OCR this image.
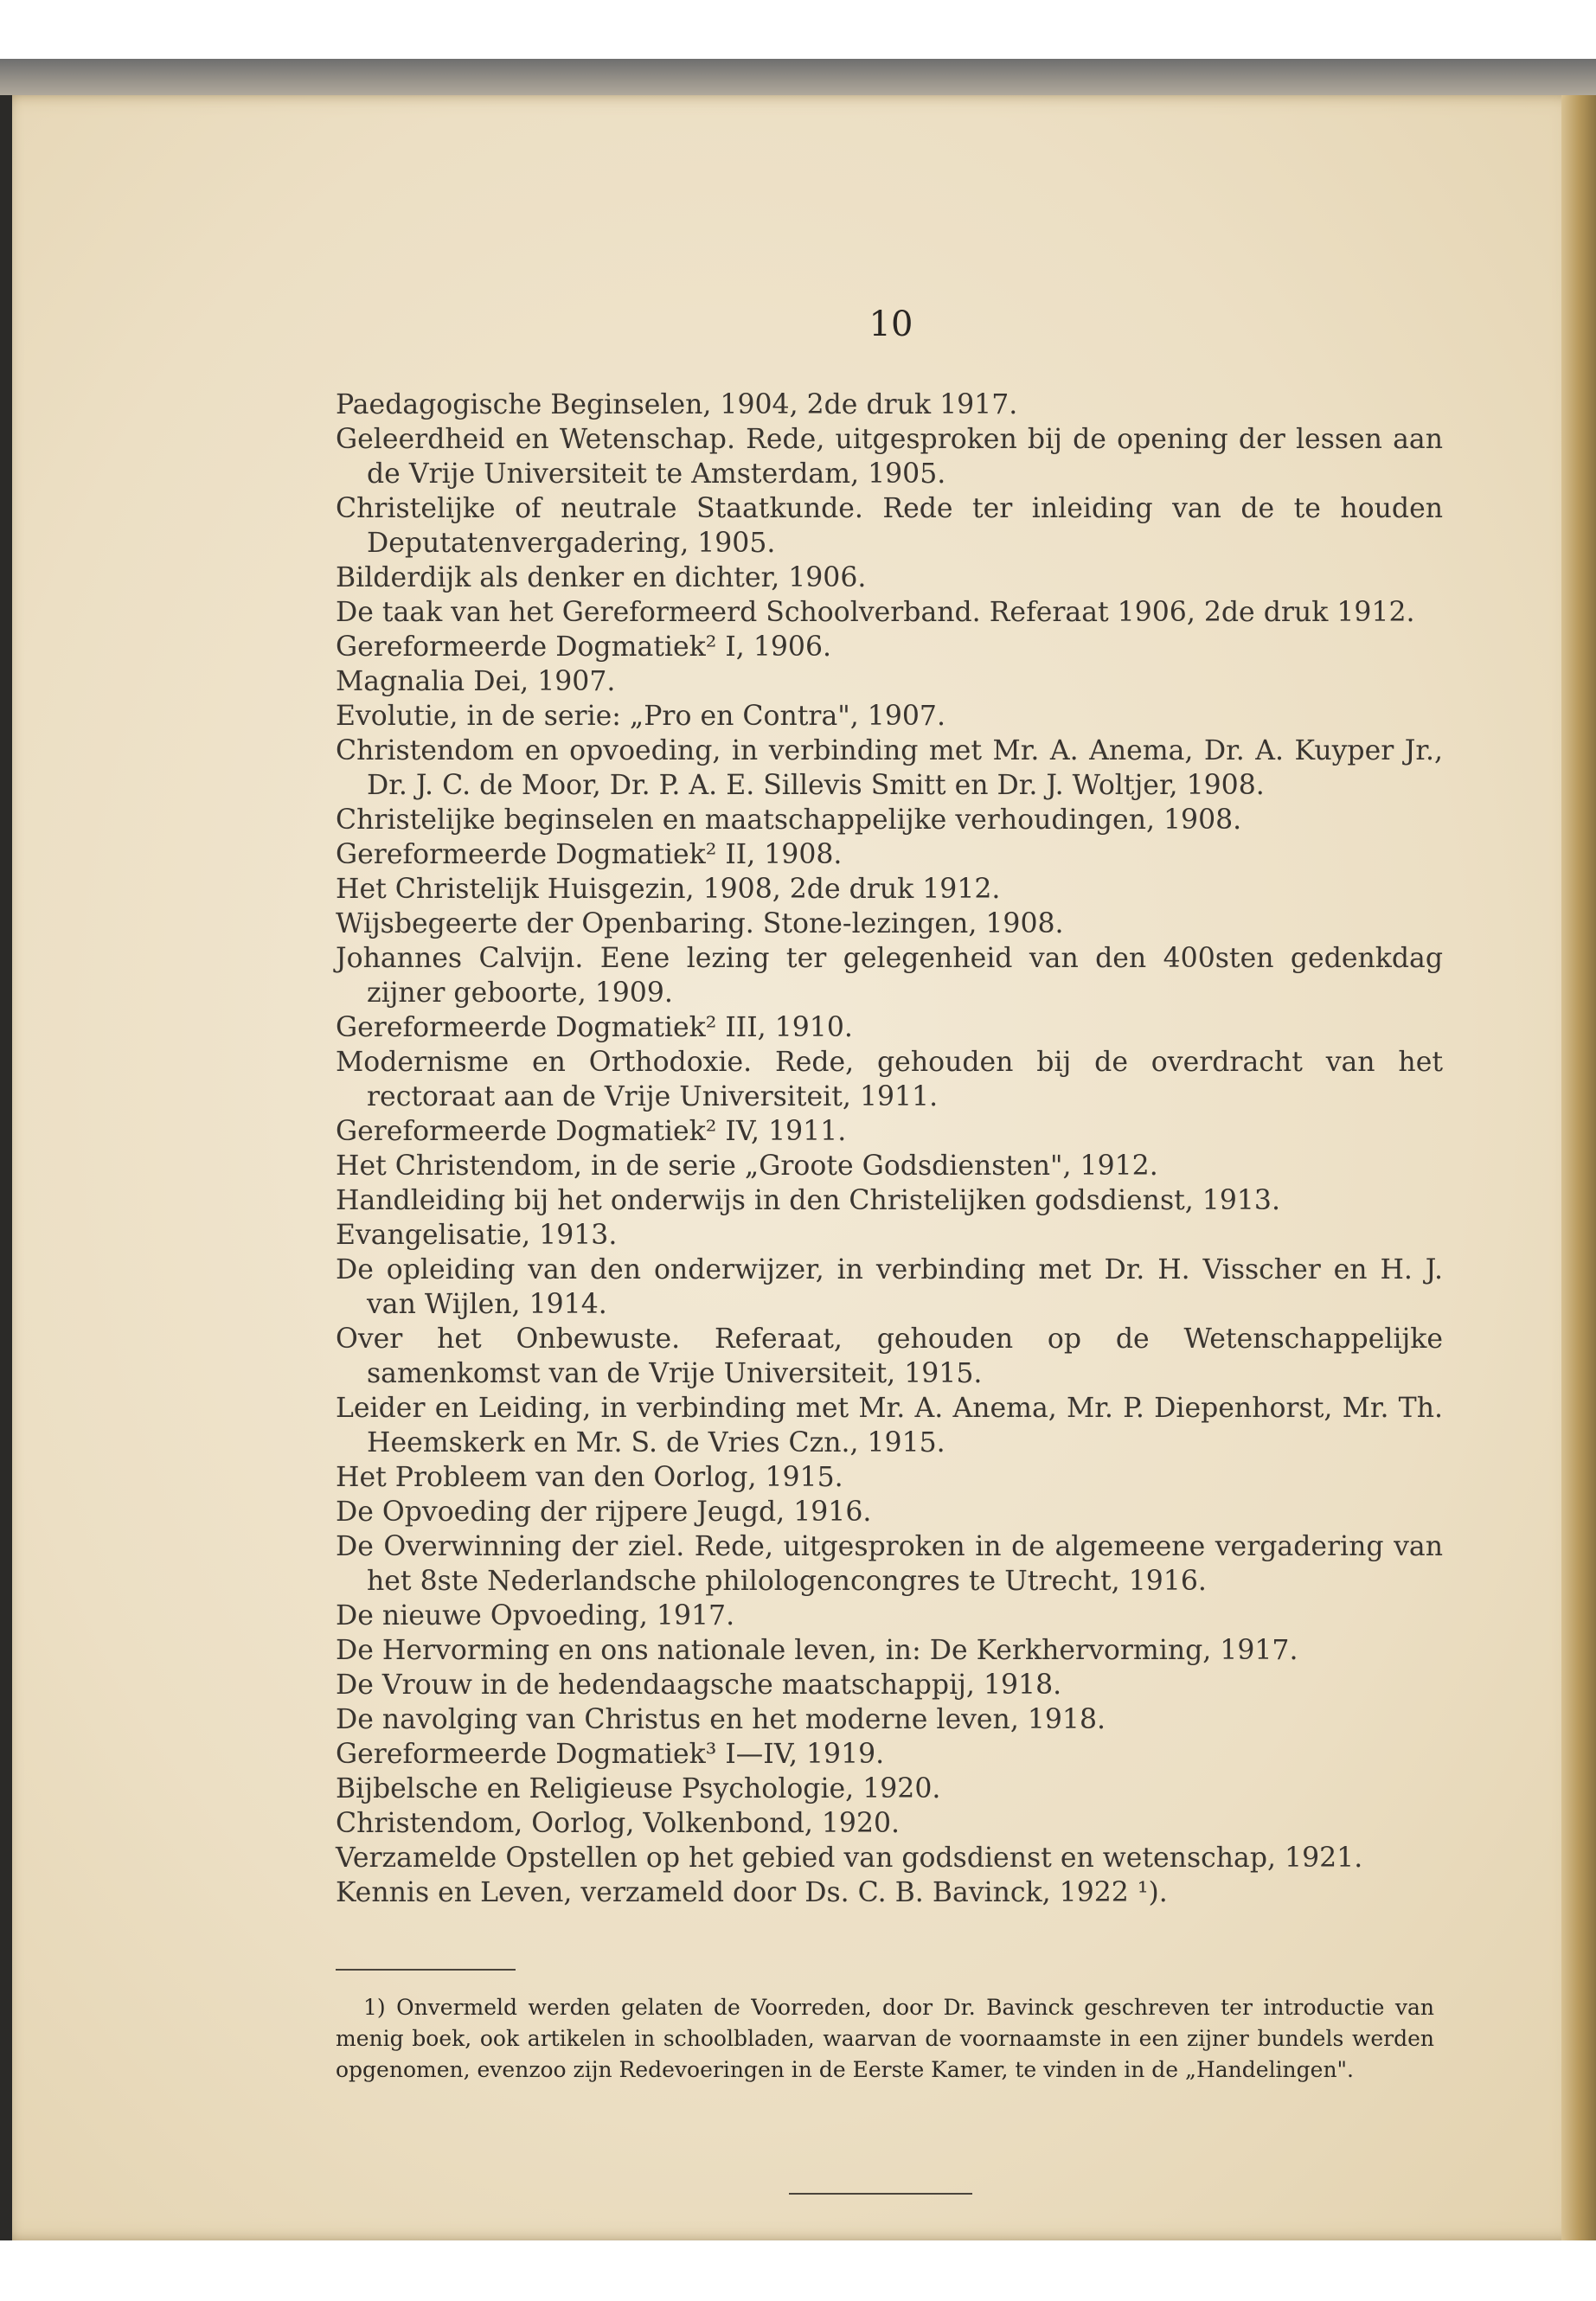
10
Paedagogische Beginselen, 1904, 2de druk 1917.
Geleerdheid en Wetenschap. Rede, uitgesproken bij de opening der lessen aan de Vrije Universiteit te Amsterdam, 1905.
Christelijke of neutrale Staatkunde. Rede ter inleiding van de te houden Deputatenvergadering, 1905.
Bilderdijk als denker en dichter, 1906.
De taak van het Gereformeerd Schoolverband. Referaat 1906, 2de druk 1912.
Gereformeerde Dogmatiek² I, 1906.
Magnalia Dei, 1907.
Evolutie, in de serie: „Pro en Contra", 1907.
Christendom en opvoeding, in verbinding met Mr. A. Anema, Dr. A. Kuyper Jr., Dr. J. C. de Moor, Dr. P. A. E. Sillevis Smitt en Dr. J. Woltjer, 1908.
Christelijke beginselen en maatschappelijke verhoudingen, 1908.
Gereformeerde Dogmatiek² II, 1908.
Het Christelijk Huisgezin, 1908, 2de druk 1912.
Wijsbegeerte der Openbaring. Stone-lezingen, 1908.
Johannes Calvijn. Eene lezing ter gelegenheid van den 400sten gedenkdag zijner geboorte, 1909.
Gereformeerde Dogmatiek² III, 1910.
Modernisme en Orthodoxie. Rede, gehouden bij de overdracht van het rectoraat aan de Vrije Universiteit, 1911.
Gereformeerde Dogmatiek² IV, 1911.
Het Christendom, in de serie „Groote Godsdiensten", 1912.
Handleiding bij het onderwijs in den Christelijken godsdienst, 1913.
Evangelisatie, 1913.
De opleiding van den onderwijzer, in verbinding met Dr. H. Visscher en H. J. van Wijlen, 1914.
Over het Onbewuste. Referaat, gehouden op de Wetenschappelijke samenkomst van de Vrije Universiteit, 1915.
Leider en Leiding, in verbinding met Mr. A. Anema, Mr. P. Diepenhorst, Mr. Th. Heemskerk en Mr. S. de Vries Czn., 1915.
Het Probleem van den Oorlog, 1915.
De Opvoeding der rijpere Jeugd, 1916.
De Overwinning der ziel. Rede, uitgesproken in de algemeene vergadering van het 8ste Nederlandsche philologencongres te Utrecht, 1916.
De nieuwe Opvoeding, 1917.
De Hervorming en ons nationale leven, in: De Kerkhervorming, 1917.
De Vrouw in de hedendaagsche maatschappij, 1918.
De navolging van Christus en het moderne leven, 1918.
Gereformeerde Dogmatiek³ I—IV, 1919.
Bijbelsche en Religieuse Psychologie, 1920.
Christendom, Oorlog, Volkenbond, 1920.
Verzamelde Opstellen op het gebied van godsdienst en wetenschap, 1921.
Kennis en Leven, verzameld door Ds. C. B. Bavinck, 1922 ¹).

1) Onvermeld werden gelaten de Voorreden, door Dr. Bavinck geschreven ter introductie van menig boek, ook artikelen in schoolbladen, waarvan de voornaamste in een zijner bundels werden opgenomen, evenzoo zijn Redevoeringen in de Eerste Kamer, te vinden in de „Handelingen".
